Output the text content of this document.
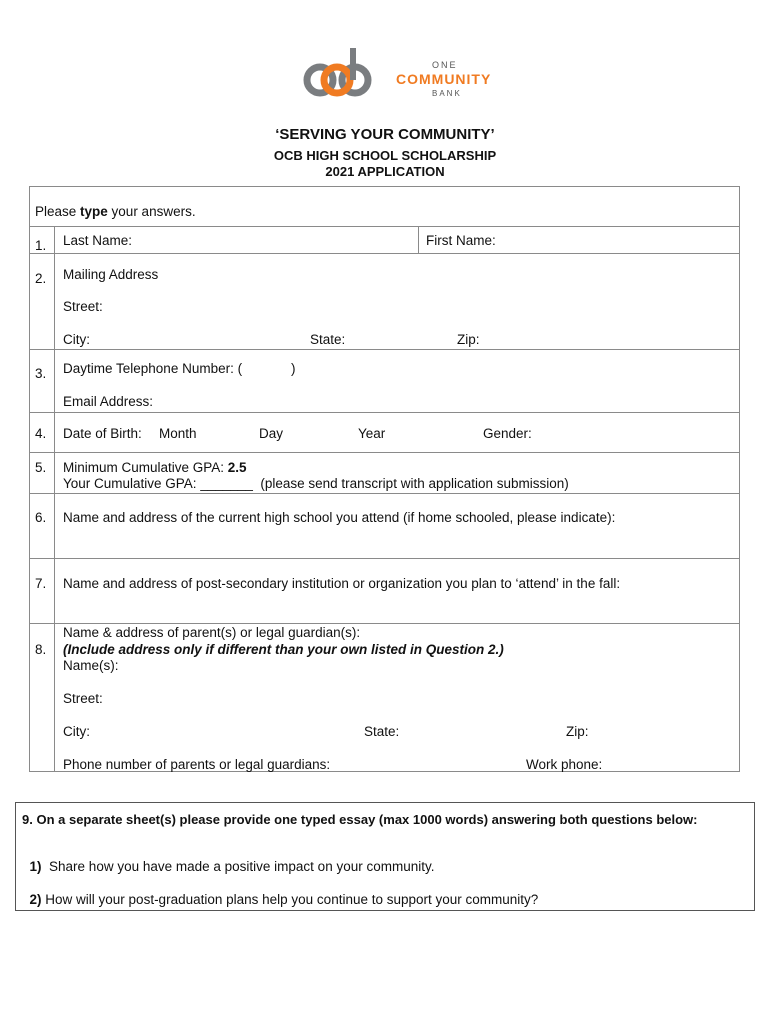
ONE
COMMUNITY
BANK
‘SERVING YOUR COMMUNITY’
OCB HIGH SCHOOL SCHOLARSHIP
2021 APPLICATION
Please type your answers.
1. Last Name:	First Name:
2. Mailing Address
Street:
City:	State:	Zip:
3. Daytime Telephone Number: (	)
Email Address:
4. Date of Birth: Month	Day	Year	Gender:
5. Minimum Cumulative GPA: 2.5
Your Cumulative GPA: _______  (please send transcript with application submission)
6. Name and address of the current high school you attend (if home schooled, please indicate):
7. Name and address of post-secondary institution or organization you plan to ‘attend’ in the fall:
8.
Name & address of parent(s) or legal guardian(s):
(Include address only if different than your own listed in Question 2.)
Name(s):
Street:
City:	State:	Zip:
Phone number of parents or legal guardians:	Work phone:
9. On a separate sheet(s) please provide one typed essay (max 1000 words) answering both questions below:

1)  Share how you have made a positive impact on your community.

2) How will your post-graduation plans help you continue to support your community?
